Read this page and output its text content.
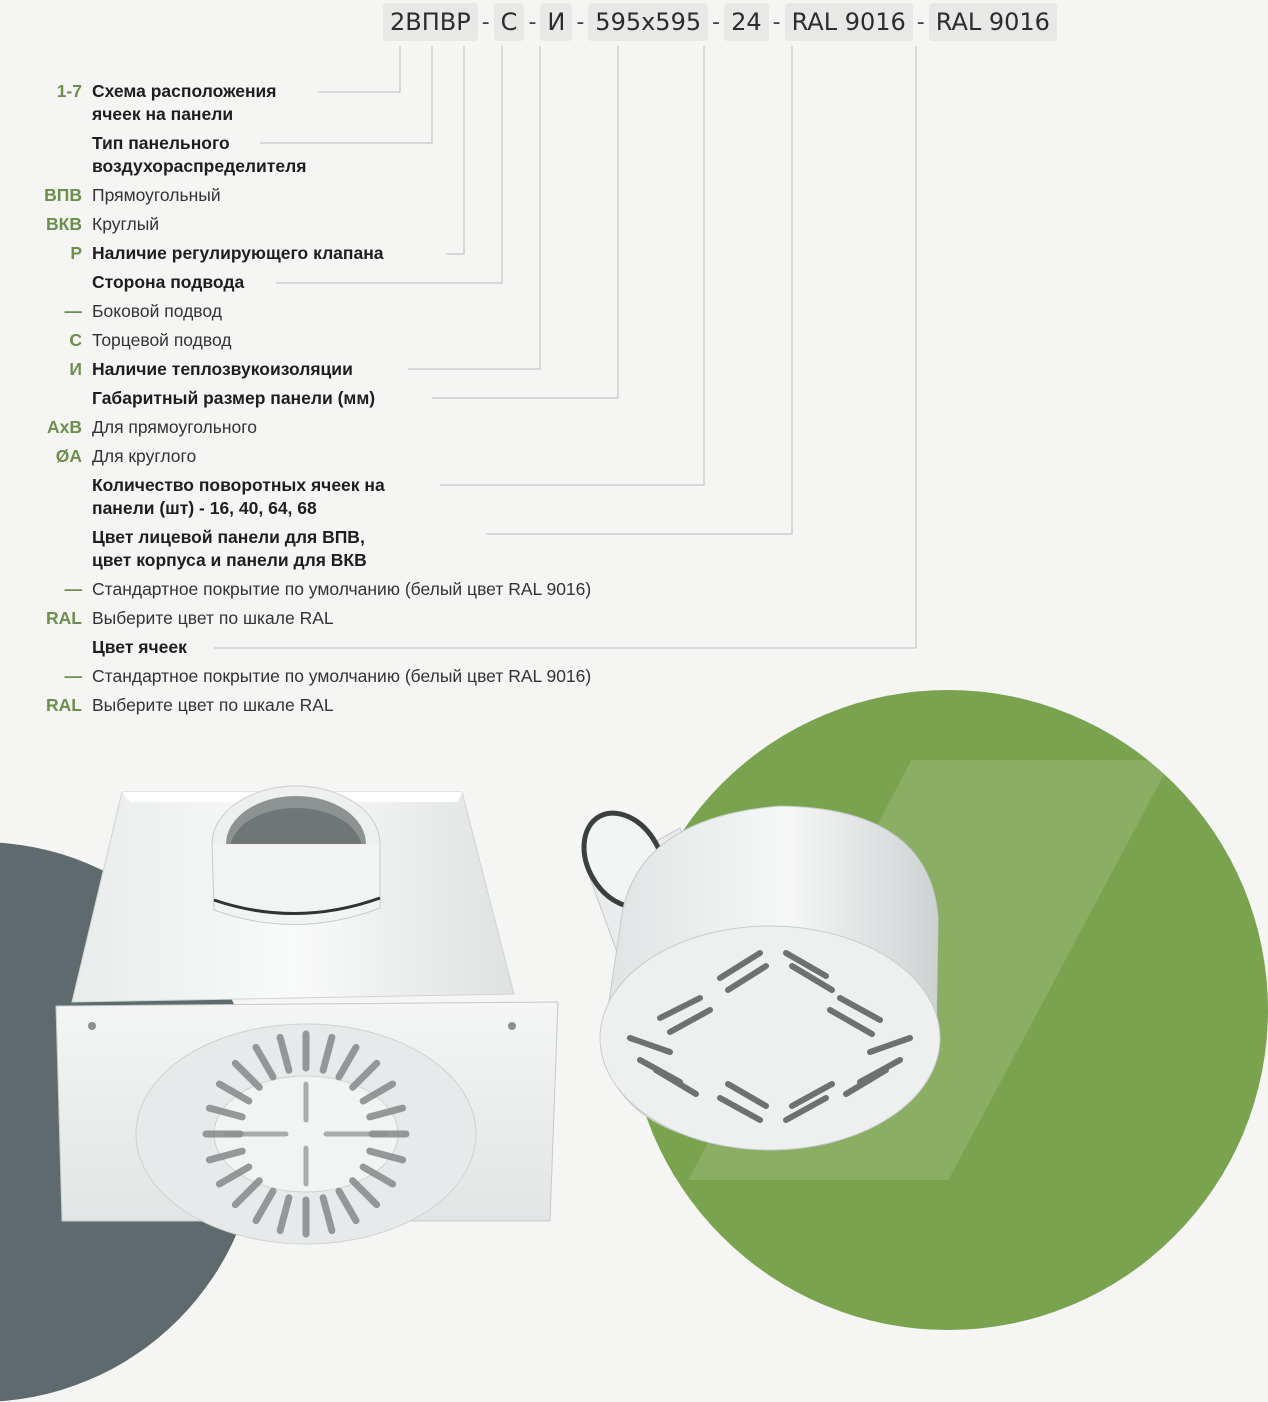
2ВПВР - С - И - 595x595 - 24 - RAL 9016 - RAL 9016
1-7 Схема расположения
ячеек на панели
Тип панельного
воздухораспределителя
ВПВ Прямоугольный
ВКВ Круглый
Р Наличие регулирующего клапана
Сторона подвода
— Боковой подвод
С Торцевой подвод
И Наличие теплозвукоизоляции
Габаритный размер панели (мм)
АхВ Для прямоугольного
ØА Для круглого
Количество поворотных ячеек на
панели (шт) - 16, 40, 64, 68
Цвет лицевой панели для ВПВ,
цвет корпуса и панели для ВКВ
— Стандартное покрытие по умолчанию (белый цвет RAL 9016)
RAL Выберите цвет по шкале RAL
Цвет ячеек
— Стандартное покрытие по умолчанию (белый цвет RAL 9016)
RAL Выберите цвет по шкале RAL
